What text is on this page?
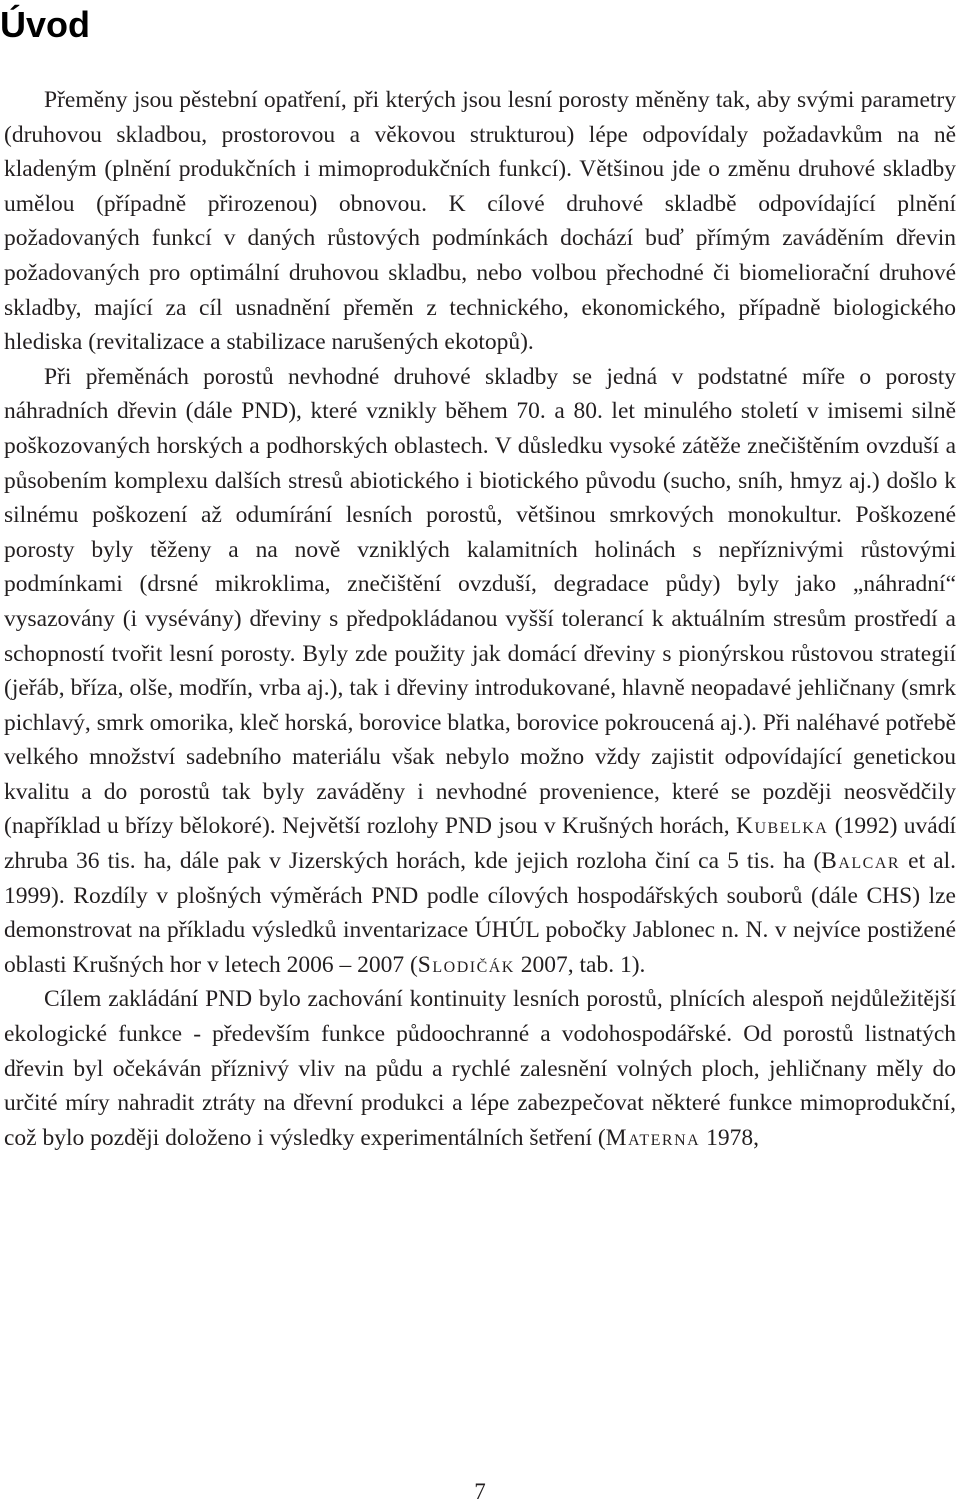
Úvod

Přeměny jsou pěstební opatření, při kterých jsou lesní porosty měněny tak, aby svými parametry (druhovou skladbou, prostorovou a věkovou strukturou) lépe odpovídaly požadavkům na ně kladeným (plnění produkčních i mimoprodukčních funkcí). Většinou jde o změnu druhové skladby umělou (případně přirozenou) obnovou. K cílové druhové skladbě odpovídající plnění požadovaných funkcí v daných růstových podmínkách dochází buď přímým zaváděním dřevin požadovaných pro optimální druhovou skladbu, nebo volbou přechodné či biomeliorační druhové skladby, mající za cíl usnadnění přeměn z technického, ekonomického, případně biologického hlediska (revitalizace a stabilizace narušených ekotopů).

Při přeměnách porostů nevhodné druhové skladby se jedná v podstatné míře o porosty náhradních dřevin (dále PND), které vznikly během 70. a 80. let minulého století v imisemi silně poškozovaných horských a podhorských oblastech. V důsledku vysoké zátěže znečištěním ovzduší a působením komplexu dalších stresů abiotického i biotického původu (sucho, sníh, hmyz aj.) došlo k silnému poškození až odumírání lesních porostů, většinou smrkových monokultur. Poškozené porosty byly těženy a na nově vzniklých kalamitních holinách s nepříznivými růstovými podmínkami (drsné mikroklima, znečištění ovzduší, degradace půdy) byly jako „náhradní“ vysazovány (i vysévány) dřeviny s předpokládanou vyšší tolerancí k aktuálním stresům prostředí a schopností tvořit lesní porosty. Byly zde použity jak domácí dřeviny s pionýrskou růstovou strategií (jeřáb, bříza, olše, modřín, vrba aj.), tak i dřeviny introdukované, hlavně neopadavé jehličnany (smrk pichlavý, smrk omorika, kleč horská, borovice blatka, borovice pokroucená aj.). Při naléhavé potřebě velkého množství sadebního materiálu však nebylo možno vždy zajistit odpovídající genetickou kvalitu a do porostů tak byly zaváděny i nevhodné provenience, které se později neosvědčily (například u břízy bělokoré). Největší rozlohy PND jsou v Krušných horách, Kubelka (1992) uvádí zhruba 36 tis. ha, dále pak v Jizerských horách, kde jejich rozloha činí ca 5 tis. ha (Balcar et al. 1999). Rozdíly v plošných výměrách PND podle cílových hospodářských souborů (dále CHS) lze demonstrovat na příkladu výsledků inventarizace ÚHÚL pobočky Jablonec n. N. v nejvíce postižené oblasti Krušných hor v letech 2006 – 2007 (Slodičák 2007, tab. 1).

Cílem zakládání PND bylo zachování kontinuity lesních porostů, plnících alespoň nejdůležitější ekologické funkce - především funkce půdoochranné a vodohospodářské. Od porostů listnatých dřevin byl očekáván příznivý vliv na půdu a rychlé zalesnění volných ploch, jehličnany měly do určité míry nahradit ztráty na dřevní produkci a lépe zabezpečovat některé funkce mimoprodukční, což bylo později doloženo i výsledky experimentálních šetření (Materna 1978,

7
